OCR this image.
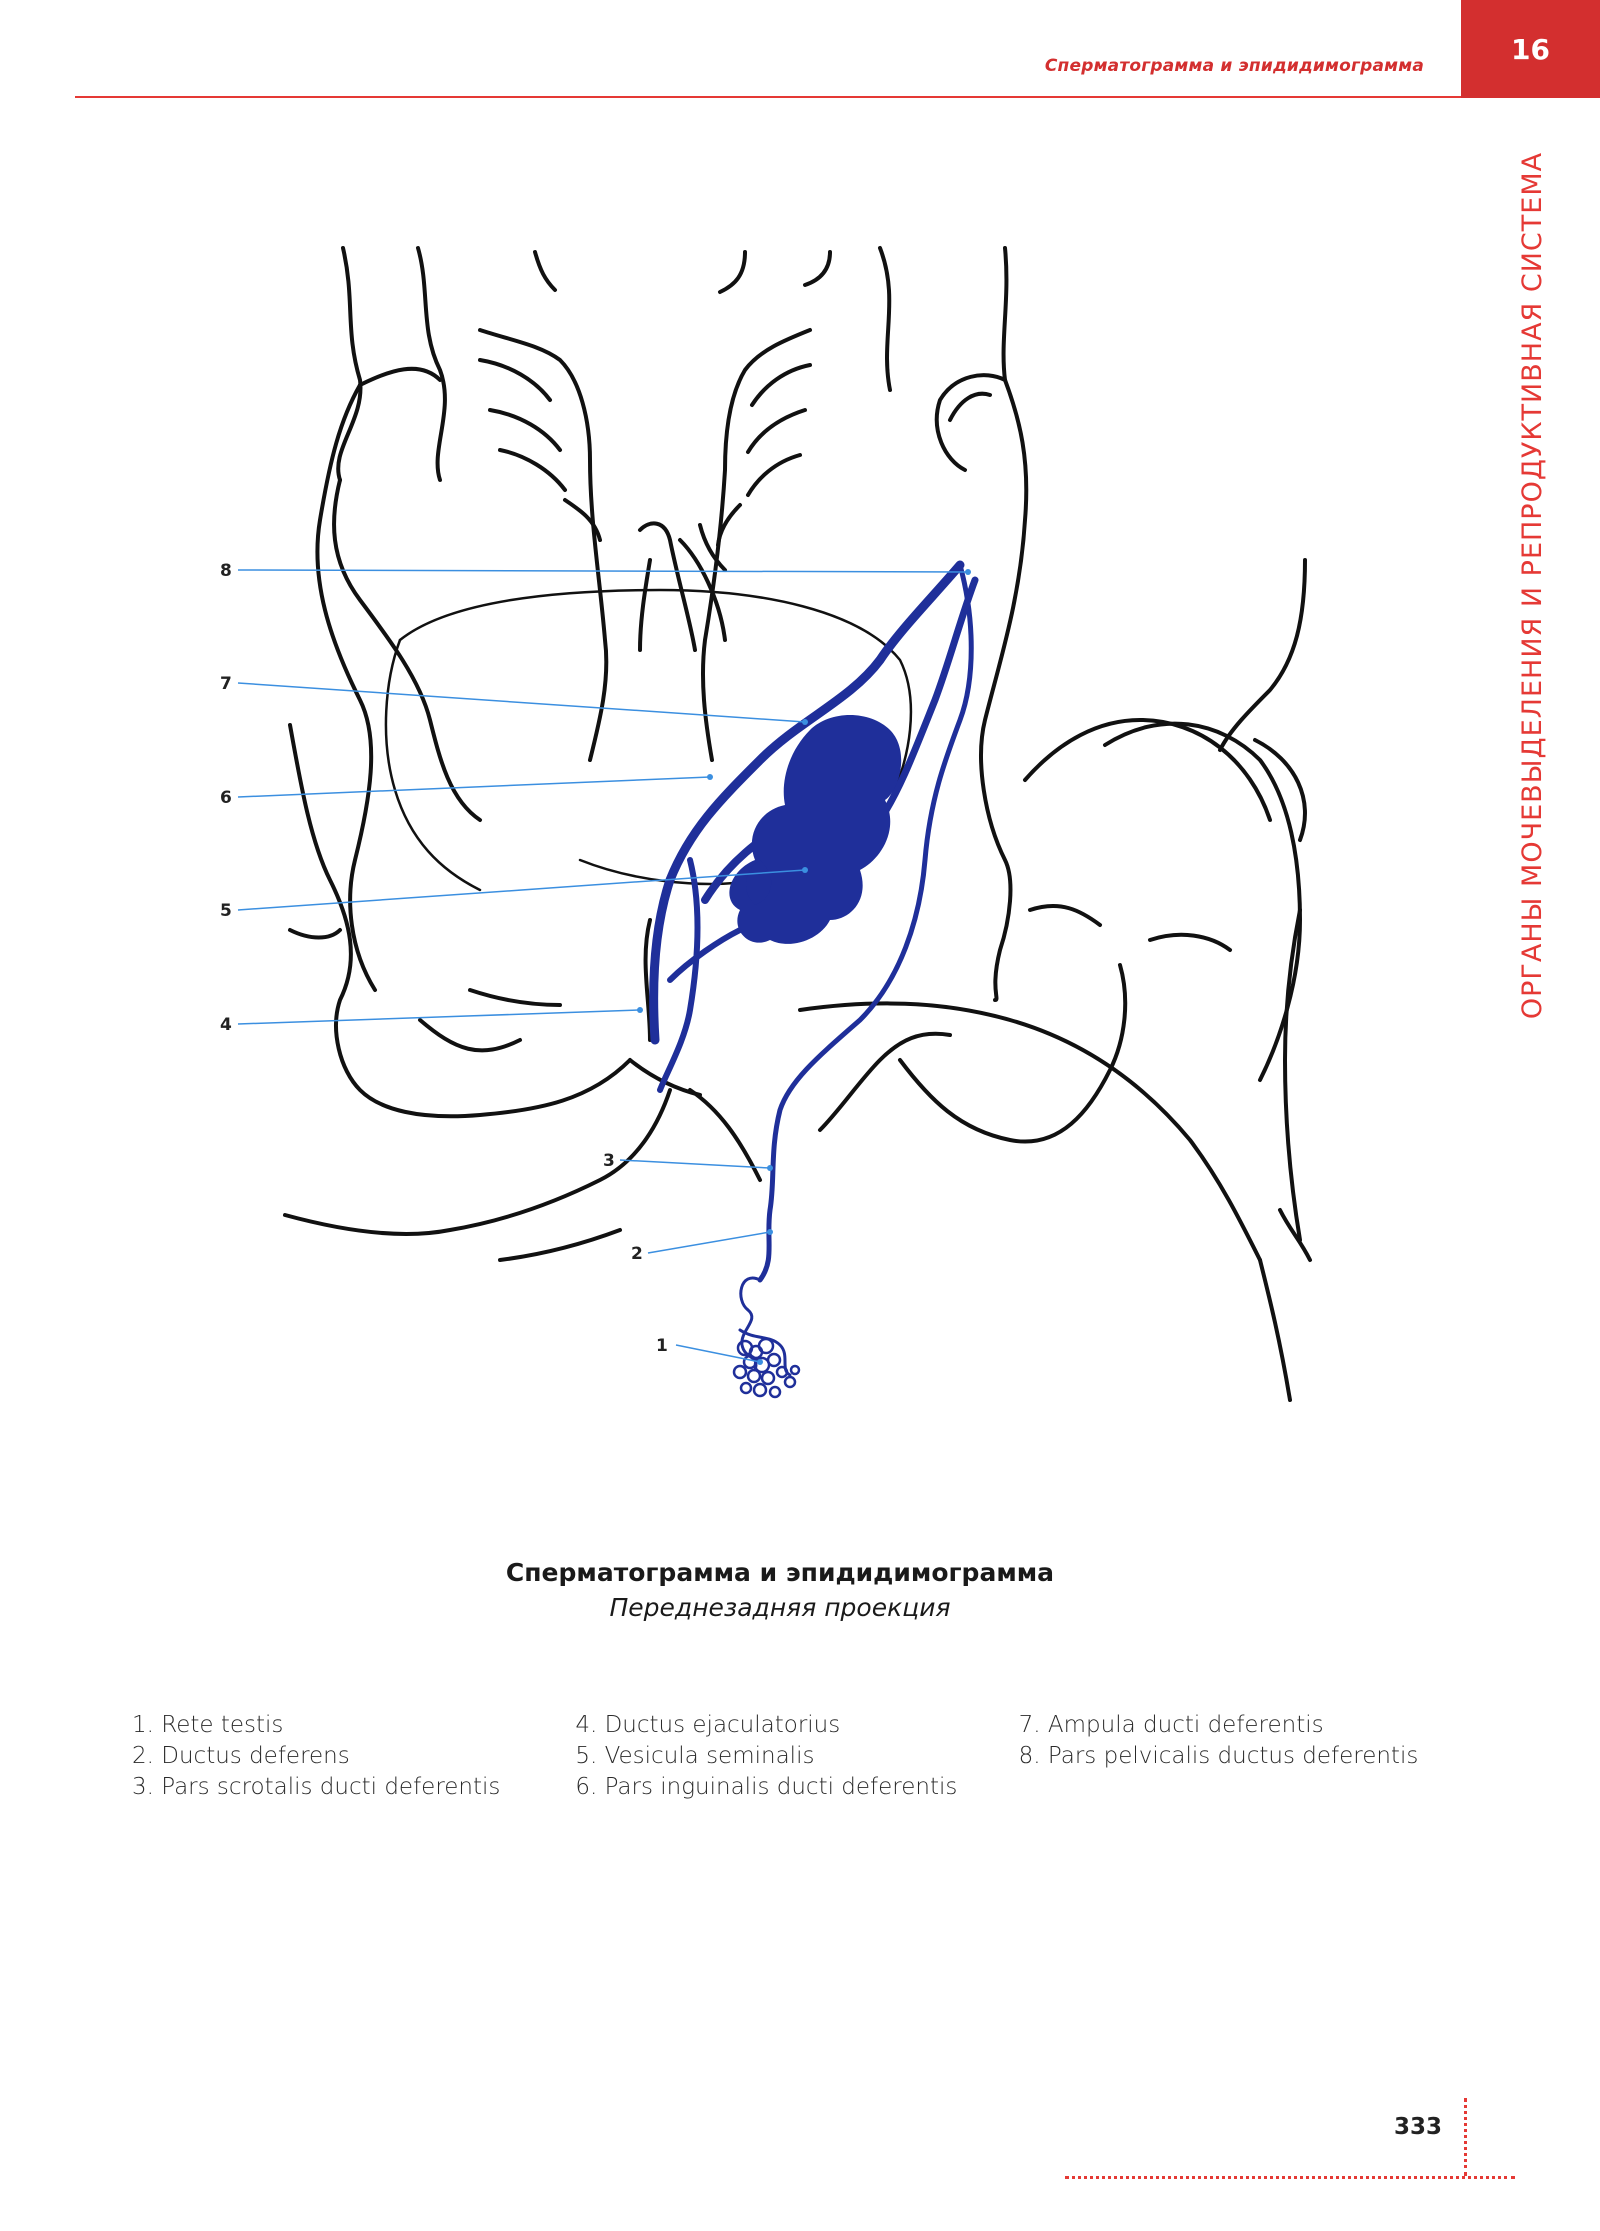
Сперматограмма и эпидидимограмма
16
ОРГАНЫ МОЧЕВЫДЕЛЕНИЯ И РЕПРОДУКТИВНАЯ СИСТЕМА
8
7
6
5
4
3
2
1
Сперматограмма и эпидидимограмма
Переднезадняя проекция
1. Rete testis
2. Ductus deferens
3. Pars scrotalis ducti deferentis
4. Ductus ejaculatorius
5. Vesicula seminalis
6. Pars inguinalis ducti deferentis
7. Ampula ducti deferentis
8. Pars pelvicalis ductus deferentis
333
